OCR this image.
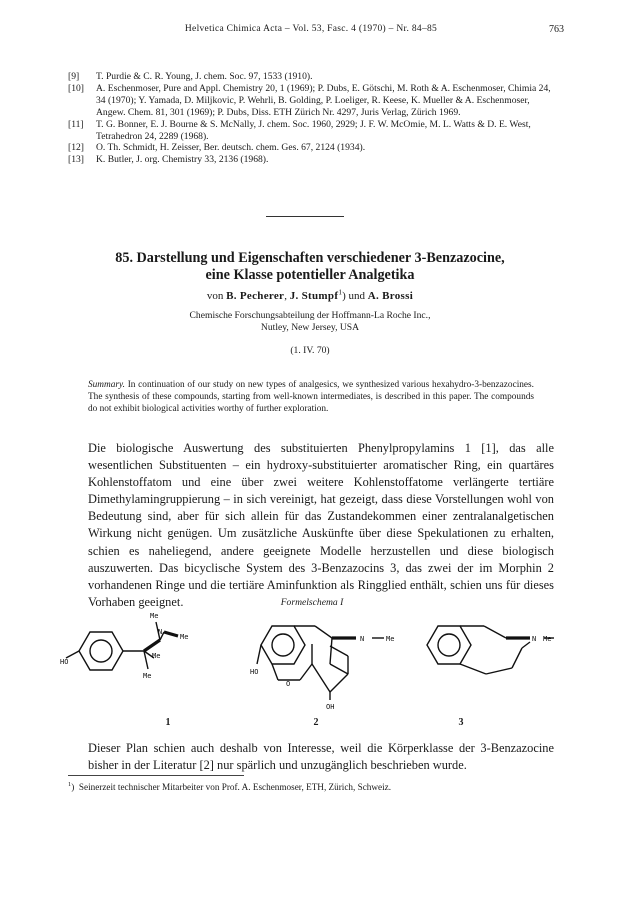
Helvetica Chimica Acta – Vol. 53, Fasc. 4 (1970) – Nr. 84–85	763
[9] T. Purdie & C. R. Young, J. chem. Soc. 97, 1533 (1910).
[10] A. Eschenmoser, Pure and Appl. Chemistry 20, 1 (1969); P. Dubs, E. Götschi, M. Roth & A. Eschenmoser, Chimia 24, 34 (1970); Y. Yamada, D. Miljkovic, P. Wehrli, B. Golding, P. Loeliger, R. Keese, K. Mueller & A. Eschenmoser, Angew. Chem. 81, 301 (1969); P. Dubs, Diss. ETH Zürich Nr. 4297, Juris Verlag, Zürich 1969.
[11] T. G. Bonner, E. J. Bourne & S. McNally, J. chem. Soc. 1960, 2929; J. F. W. McOmie, M. L. Watts & D. E. West, Tetrahedron 24, 2289 (1968).
[12] O. Th. Schmidt, H. Zeisser, Ber. deutsch. chem. Ges. 67, 2124 (1934).
[13] K. Butler, J. org. Chemistry 33, 2136 (1968).
85. Darstellung und Eigenschaften verschiedener 3-Benzazocine,
eine Klasse potentieller Analgetika
von B. Pecherer, J. Stumpf$^1$) und A. Brossi
Chemische Forschungsabteilung der Hoffmann-La Roche Inc.,
Nutley, New Jersey, USA
(1. IV. 70)
Summary. In continuation of our study on new types of analgesics, we synthesized various hexahydro-3-benzazocines. The synthesis of these compounds, starting from well-known intermediates, is described in this paper. The compounds do not exhibit biological activities worthy of further exploration.
Die biologische Auswertung des substituierten Phenylpropylamins 1 [1], das alle wesentlichen Substituenten – ein hydroxy-substituierter aromatischer Ring, ein quartäres Kohlenstoffatom und eine über zwei weitere Kohlenstoffatome verlängerte tertiäre Dimethylamingruppierung – in sich vereinigt, hat gezeigt, dass diese Vorstellungen wohl von Bedeutung sind, aber für sich allein für das Zustandekommen einer zentralanalgetischen Wirkung nicht genügen. Um zusätzliche Auskünfte über diese Spekulationen zu erhalten, schien es naheliegend, andere geeignete Modelle herzustellen und diese biologisch auszuwerten. Das bicyclische System des 3-Benzazocins 3, das zwei der im Morphin 2 vorhandenen Ringe und die tertiäre Aminfunktion als Ringglied enthält, schien uns für dieses Vorhaben geeignet.	Formelschema I
Me
N
Me
Me
HO
Me
N	Me
HO
O
OH
N Me
1	2	3
Dieser Plan schien auch deshalb von Interesse, weil die Körperklasse der 3-Benzazocine bisher in der Literatur [2] nur spärlich und unzugänglich beschrieben wurde.
$^1$)  Seinerzeit technischer Mitarbeiter von Prof. A. Eschenmoser, ETH, Zürich, Schweiz.
